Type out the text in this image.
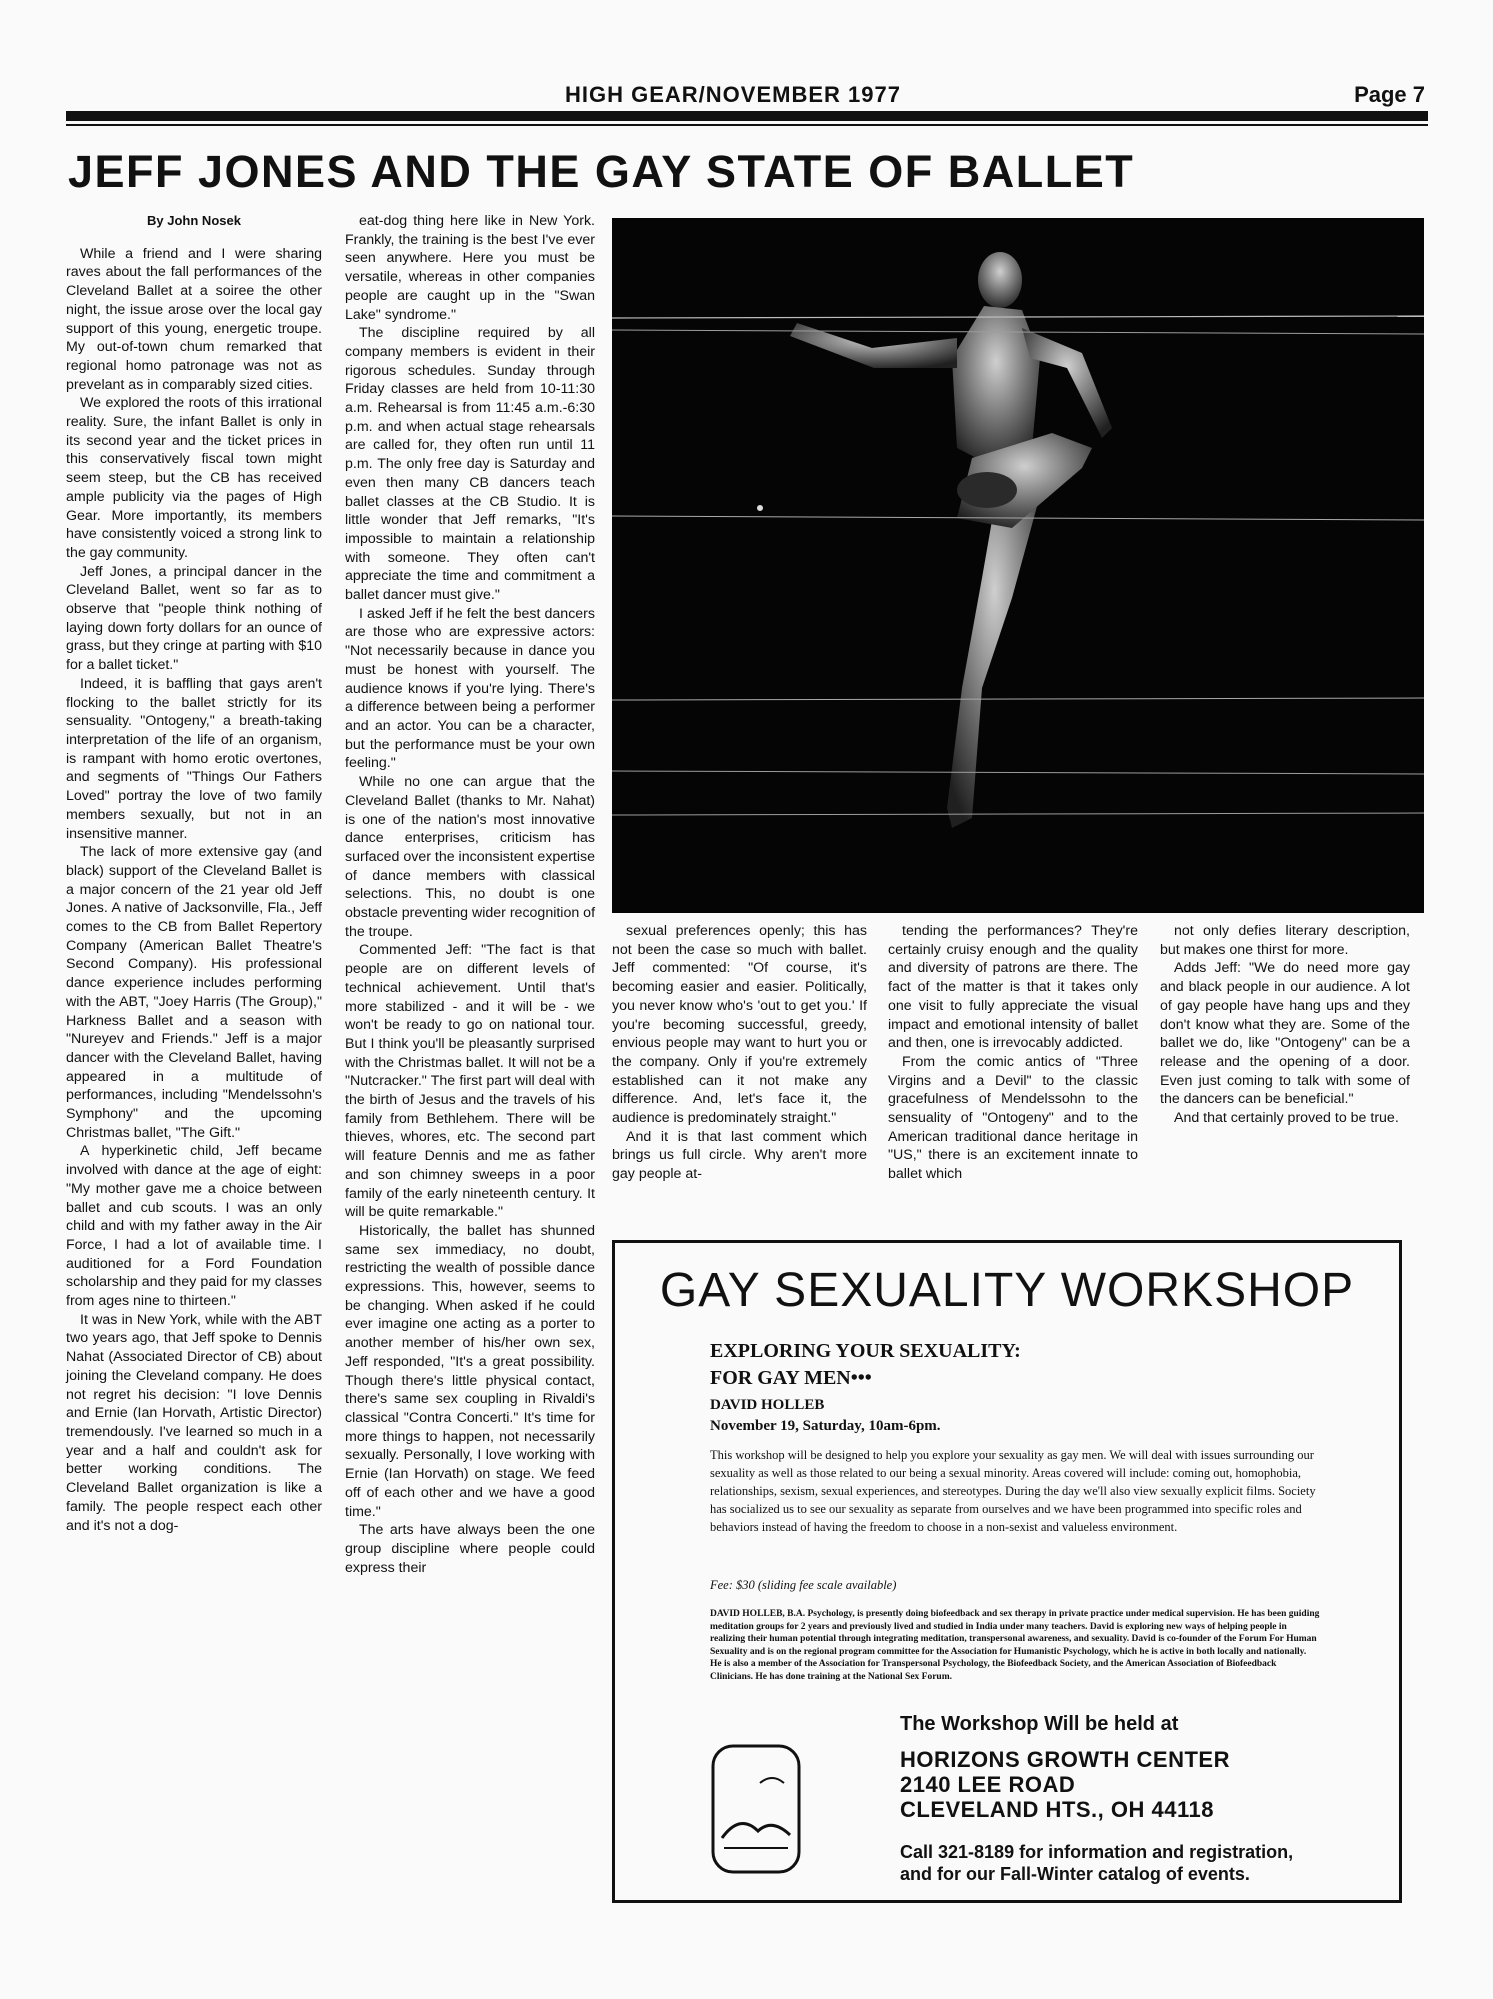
HIGH GEAR/NOVEMBER 1977	Page 7
JEFF JONES AND THE GAY STATE OF BALLET

By John Nosek

While a friend and I were sharing raves about the fall performances of the Cleveland Ballet at a soiree the other night, the issue arose over the local gay support of this young, energetic troupe. My out-of-town chum remarked that regional homo patronage was not as prevelant as in comparably sized cities.

We explored the roots of this irrational reality. Sure, the infant Ballet is only in its second year and the ticket prices in this conservatively fiscal town might seem steep, but the CB has received ample publicity via the pages of High Gear. More importantly, its members have consistently voiced a strong link to the gay community.

Jeff Jones, a principal dancer in the Cleveland Ballet, went so far as to observe that "people think nothing of laying down forty dollars for an ounce of grass, but they cringe at parting with $10 for a ballet ticket."

Indeed, it is baffling that gays aren't flocking to the ballet strictly for its sensuality. "Ontogeny," a breath-taking interpretation of the life of an organism, is rampant with homo erotic overtones, and segments of "Things Our Fathers Loved" portray the love of two family members sexually, but not in an insensitive manner.

The lack of more extensive gay (and black) support of the Cleveland Ballet is a major concern of the 21 year old Jeff Jones. A native of Jacksonville, Fla., Jeff comes to the CB from Ballet Repertory Company (American Ballet Theatre's Second Company). His professional dance experience includes performing with the ABT, "Joey Harris (The Group)," Harkness Ballet and a season with "Nureyev and Friends." Jeff is a major dancer with the Cleveland Ballet, having appeared in a multitude of performances, including "Mendelssohn's Symphony" and the upcoming Christmas ballet, "The Gift."

A hyperkinetic child, Jeff became involved with dance at the age of eight: "My mother gave me a choice between ballet and cub scouts. I was an only child and with my father away in the Air Force, I had a lot of available time. I auditioned for a Ford Foundation scholarship and they paid for my classes from ages nine to thirteen."

It was in New York, while with the ABT two years ago, that Jeff spoke to Dennis Nahat (Associated Director of CB) about joining the Cleveland company. He does not regret his decision: "I love Dennis and Ernie (Ian Horvath, Artistic Director) tremendously. I've learned so much in a year and a half and couldn't ask for better working conditions. The Cleveland Ballet organization is like a family. The people respect each other and it's not a dog-

eat-dog thing here like in New York. Frankly, the training is the best I've ever seen anywhere. Here you must be versatile, whereas in other companies people are caught up in the "Swan Lake" syndrome."

The discipline required by all company members is evident in their rigorous schedules. Sunday through Friday classes are held from 10-11:30 a.m. Rehearsal is from 11:45 a.m.-6:30 p.m. and when actual stage rehearsals are called for, they often run until 11 p.m. The only free day is Saturday and even then many CB dancers teach ballet classes at the CB Studio. It is little wonder that Jeff remarks, "It's impossible to maintain a relationship with someone. They often can't appreciate the time and commitment a ballet dancer must give."

I asked Jeff if he felt the best dancers are those who are expressive actors: "Not necessarily because in dance you must be honest with yourself. The audience knows if you're lying. There's a difference between being a performer and an actor. You can be a character, but the performance must be your own feeling."

While no one can argue that the Cleveland Ballet (thanks to Mr. Nahat) is one of the nation's most innovative dance enterprises, criticism has surfaced over the inconsistent expertise of dance members with classical selections. This, no doubt is one obstacle preventing wider recognition of the troupe.

Commented Jeff: "The fact is that people are on different levels of technical achievement. Until that's more stabilized - and it will be - we won't be ready to go on national tour. But I think you'll be pleasantly surprised with the Christmas ballet. It will not be a "Nutcracker." The first part will deal with the birth of Jesus and the travels of his family from Bethlehem. There will be thieves, whores, etc. The second part will feature Dennis and me as father and son chimney sweeps in a poor family of the early nineteenth century. It will be quite remarkable."

Historically, the ballet has shunned same sex immediacy, no doubt, restricting the wealth of possible dance expressions. This, however, seems to be changing. When asked if he could ever imagine one acting as a porter to another member of his/her own sex, Jeff responded, "It's a great possibility. Though there's little physical contact, there's same sex coupling in Rivaldi's classical "Contra Concerti." It's time for more things to happen, not necessarily sexually. Personally, I love working with Ernie (Ian Horvath) on stage. We feed off of each other and we have a good time."

The arts have always been the one group discipline where people could express their

sexual preferences openly; this has not been the case so much with ballet. Jeff commented: "Of course, it's becoming easier and easier. Politically, you never know who's 'out to get you.' If you're becoming successful, greedy, envious people may want to hurt you or the company. Only if you're extremely established can it not make any difference. And, let's face it, the audience is predominately straight."

And it is that last comment which brings us full circle. Why aren't more gay people at-

tending the performances? They're certainly cruisy enough and the quality and diversity of patrons are there. The fact of the matter is that it takes only one visit to fully appreciate the visual impact and emotional intensity of ballet and then, one is irrevocably addicted.

From the comic antics of "Three Virgins and a Devil" to the classic gracefulness of Mendelssohn to the sensuality of "Ontogeny" and to the American traditional dance heritage in "US," there is an excitement innate to ballet which

not only defies literary description, but makes one thirst for more.

Adds Jeff: "We do need more gay and black people in our audience. A lot of gay people have hang ups and they don't know what they are. Some of the ballet we do, like "Ontogeny" can be a release and the opening of a door. Even just coming to talk with some of the dancers can be beneficial."

And that certainly proved to be true.

GAY SEXUALITY WORKSHOP
EXPLORING YOUR SEXUALITY:
FOR GAY MEN•••
DAVID HOLLEB
November 19, Saturday, 10am-6pm.
This workshop will be designed to help you explore your sexuality as gay men. We will deal with issues surrounding our sexuality as well as those related to our being a sexual minority. Areas covered will include: coming out, homophobia, relationships, sexism, sexual experiences, and stereotypes. During the day we'll also view sexually explicit films. Society has socialized us to see our sexuality as separate from ourselves and we have been programmed into specific roles and behaviors instead of having the freedom to choose in a non-sexist and valueless environment.
Fee: $30 (sliding fee scale available)
DAVID HOLLEB, B.A. Psychology, is presently doing biofeedback and sex therapy in private practice under medical supervision. He has been guiding meditation groups for 2 years and previously lived and studied in India under many teachers. David is exploring new ways of helping people in realizing their human potential through integrating meditation, transpersonal awareness, and sexuality. David is co-founder of the Forum For Human Sexuality and is on the regional program committee for the Association for Humanistic Psychology, which he is active in both locally and nationally. He is also a member of the Association for Transpersonal Psychology, the Biofeedback Society, and the American Association of Biofeedback Clinicians. He has done training at the National Sex Forum.
The Workshop Will be held at
HORIZONS GROWTH CENTER
2140 LEE ROAD
CLEVELAND HTS., OH 44118
Call 321-8189 for information and registration,
and for our Fall-Winter catalog of events.
